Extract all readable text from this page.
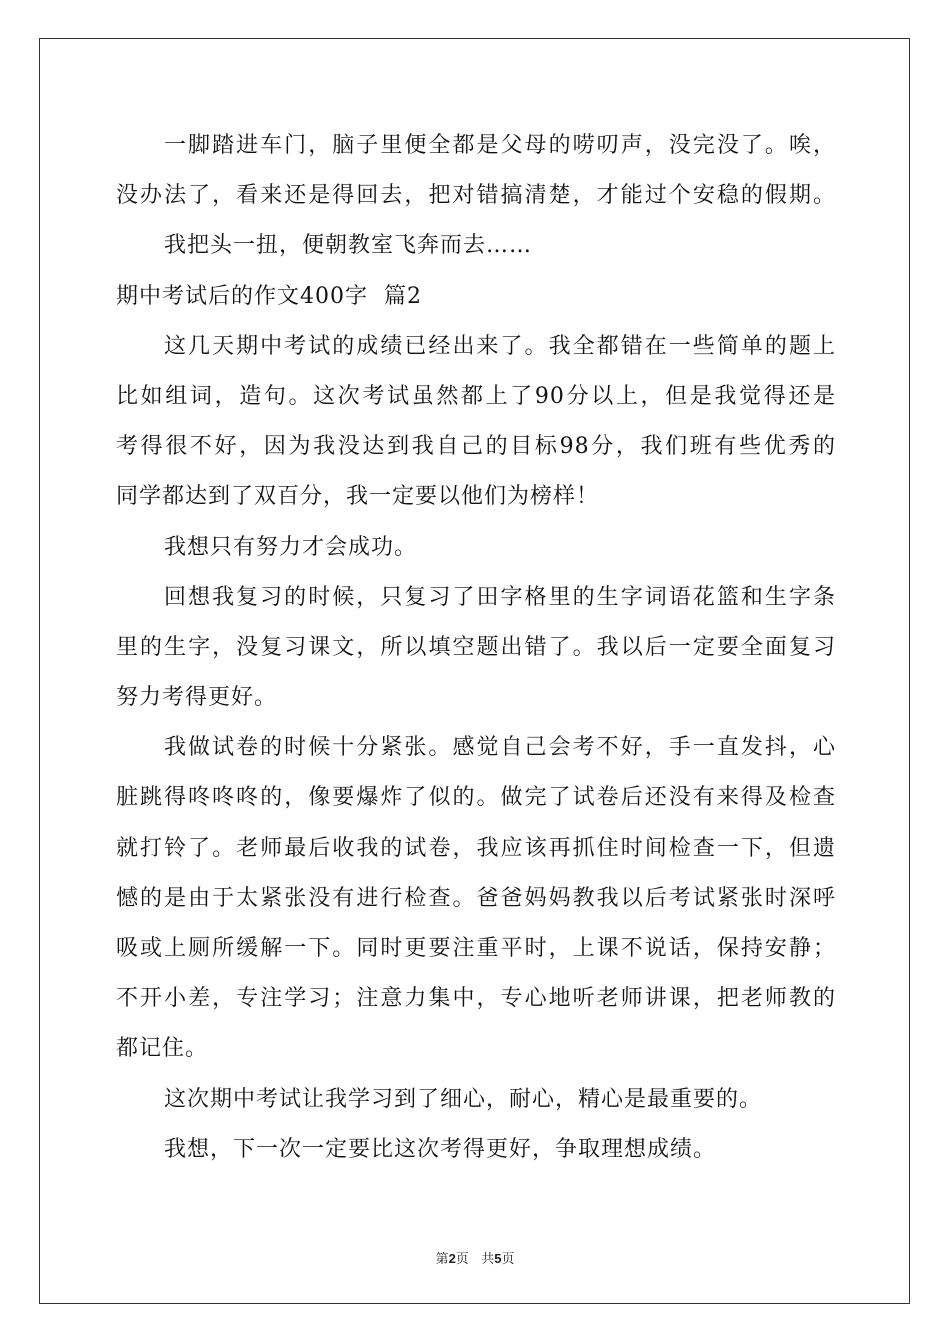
一脚踏进车门，脑子里便全都是父母的唠叨声，没完没了。唉，
没办法了，看来还是得回去，把对错搞清楚，才能过个安稳的假期。
我把头一扭，便朝教室飞奔而去……
期中考试后的作文400字  篇2
这几天期中考试的成绩已经出来了。我全都错在一些简单的题上
比如组词，造句。这次考试虽然都上了90分以上，但是我觉得还是
考得很不好，因为我没达到我自己的目标98分，我们班有些优秀的
同学都达到了双百分，我一定要以他们为榜样！
我想只有努力才会成功。
回想我复习的时候，只复习了田字格里的生字词语花篮和生字条
里的生字，没复习课文，所以填空题出错了。我以后一定要全面复习
努力考得更好。
我做试卷的时候十分紧张。感觉自己会考不好，手一直发抖，心
脏跳得咚咚咚的，像要爆炸了似的。做完了试卷后还没有来得及检查
就打铃了。老师最后收我的试卷，我应该再抓住时间检查一下，但遗
憾的是由于太紧张没有进行检查。爸爸妈妈教我以后考试紧张时深呼
吸或上厕所缓解一下。同时更要注重平时，上课不说话，保持安静；
不开小差，专注学习；注意力集中，专心地听老师讲课，把老师教的
都记住。
这次期中考试让我学习到了细心，耐心，精心是最重要的。
我想，下一次一定要比这次考得更好，争取理想成绩。
第2页   共5页
